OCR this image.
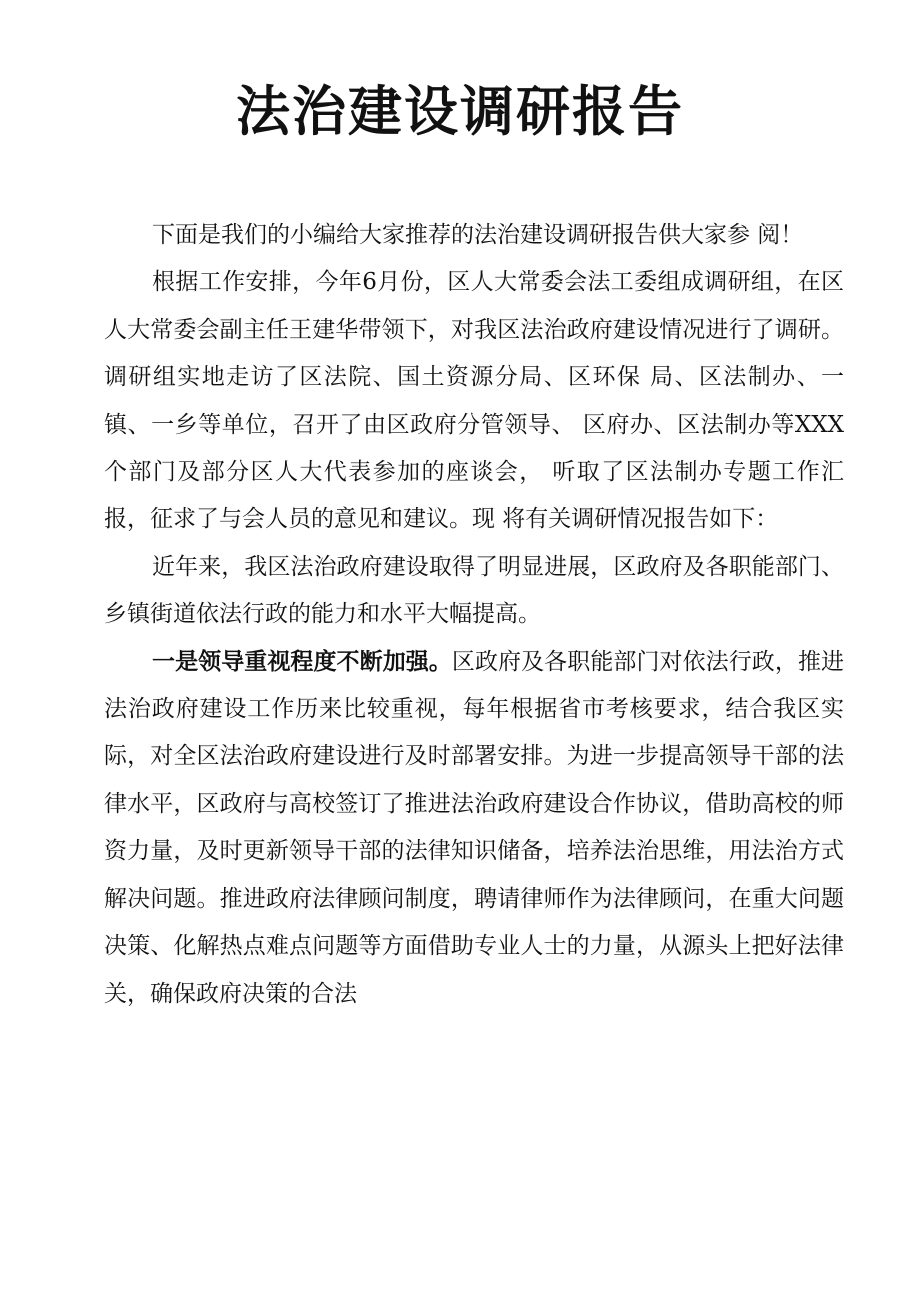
法治建设调研报告

下面是我们的小编给大家推荐的法治建设调研报告供大家参 阅！

根据工作安排，今年6月份，区人大常委会法工委组成调研组，在区人大常委会副主任王建华带领下，对我区法治政府建设情况进行了调研。调研组实地走访了区法院、国土资源分局、区环保 局、区法制办、一镇、一乡等单位，召开了由区政府分管领导、 区府办、区法制办等XXX个部门及部分区人大代表参加的座谈会， 听取了区法制办专题工作汇报，征求了与会人员的意见和建议。现 将有关调研情况报告如下：

近年来，我区法治政府建设取得了明显进展，区政府及各职能部门、乡镇街道依法行政的能力和水平大幅提高。

一是领导重视程度不断加强。区政府及各职能部门对依法行政，推进法治政府建设工作历来比较重视，每年根据省市考核要求，结合我区实际，对全区法治政府建设进行及时部署安排。为进一步提高领导干部的法律水平，区政府与高校签订了推进法治政府建设合作协议，借助高校的师资力量，及时更新领导干部的法律知识储备，培养法治思维，用法治方式解决问题。推进政府法律顾问制度，聘请律师作为法律顾问，在重大问题决策、化解热点难点问题等方面借助专业人士的力量，从源头上把好法律关，确保政府决策的合法
